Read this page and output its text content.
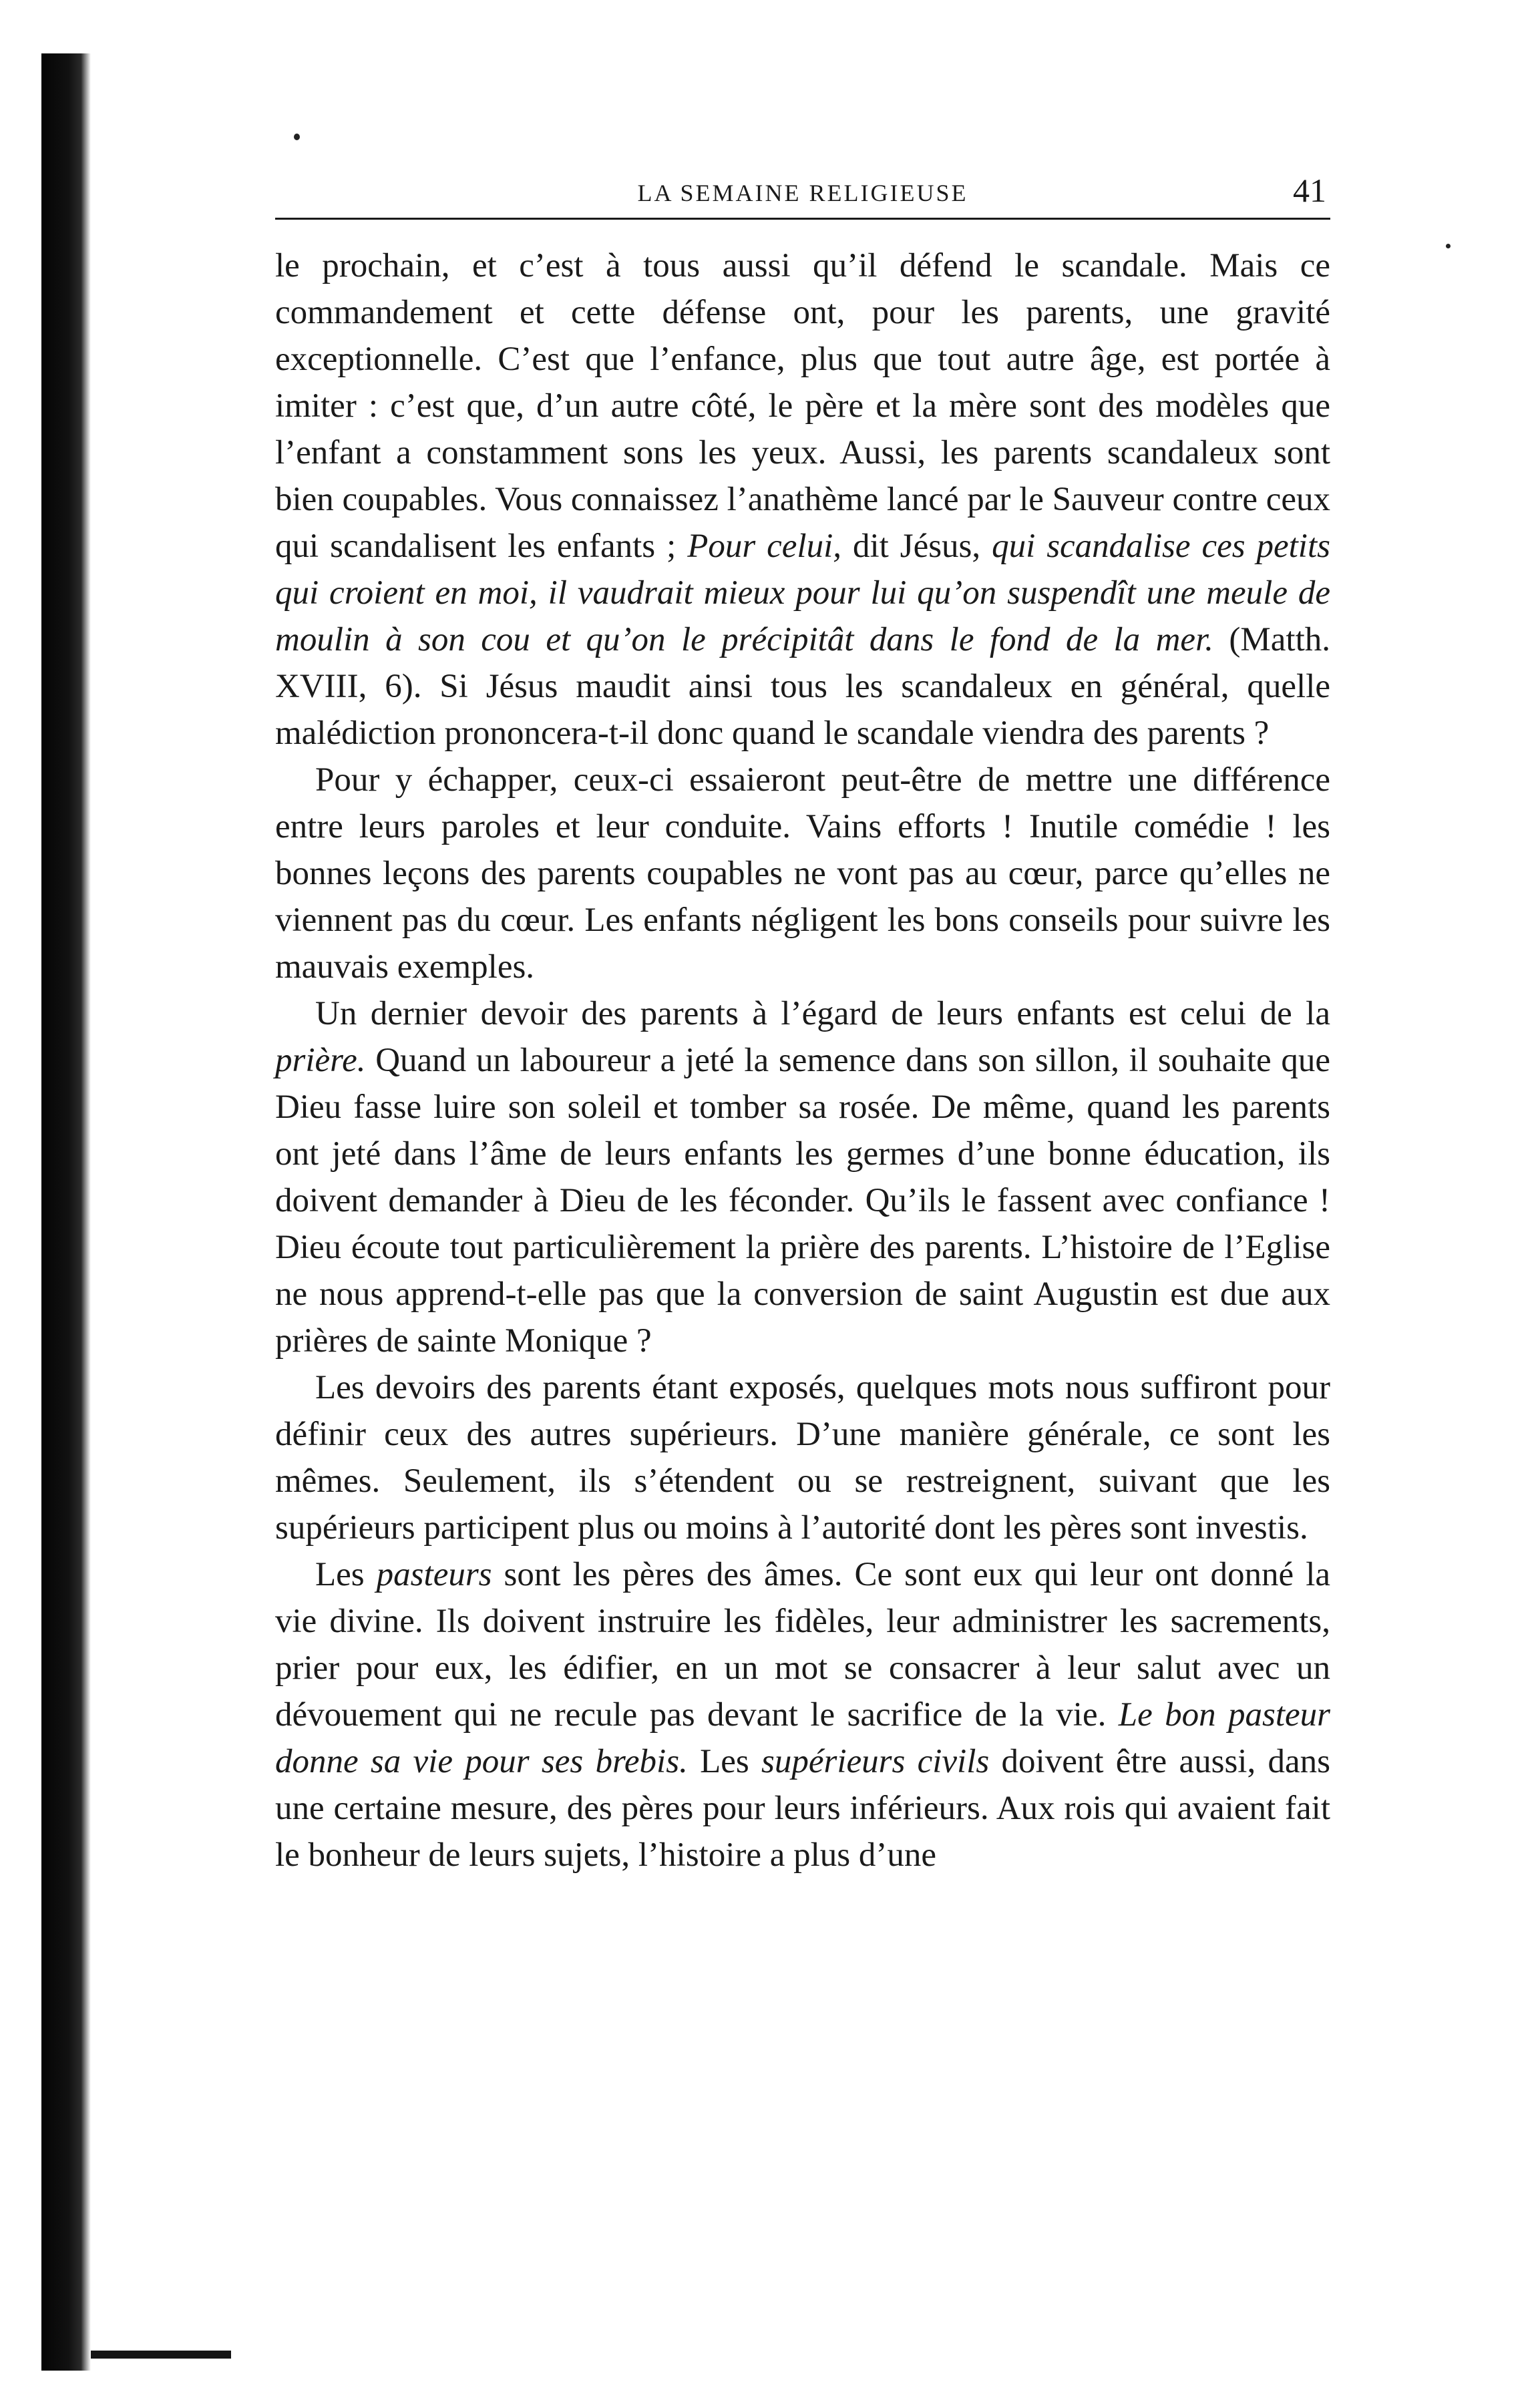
LA SEMAINE RELIGIEUSE	41

le prochain, et c’est à tous aussi qu’il défend le scandale. Mais ce commandement et cette défense ont, pour les parents, une gravité exceptionnelle. C’est que l’enfance, plus que tout autre âge, est portée à imiter : c’est que, d’un autre côté, le père et la mère sont des modèles que l’enfant a constamment sons les yeux. Aussi, les parents scandaleux sont bien coupables. Vous connaissez l’anathème lancé par le Sauveur contre ceux qui scandalisent les enfants ; Pour celui, dit Jésus, qui scandalise ces petits qui croient en moi, il vaudrait mieux pour lui qu’on suspendît une meule de moulin à son cou et qu’on le précipitât dans le fond de la mer. (Matth. XVIII, 6). Si Jésus maudit ainsi tous les scandaleux en général, quelle malédiction prononcera-t-il donc quand le scandale viendra des parents ?

Pour y échapper, ceux-ci essaieront peut-être de mettre une différence entre leurs paroles et leur conduite. Vains efforts ! Inutile comédie ! les bonnes leçons des parents coupables ne vont pas au cœur, parce qu’elles ne viennent pas du cœur. Les enfants négligent les bons conseils pour suivre les mauvais exemples.

Un dernier devoir des parents à l’égard de leurs enfants est celui de la prière. Quand un laboureur a jeté la semence dans son sillon, il souhaite que Dieu fasse luire son soleil et tomber sa rosée. De même, quand les parents ont jeté dans l’âme de leurs enfants les germes d’une bonne éducation, ils doivent demander à Dieu de les féconder. Qu’ils le fassent avec confiance ! Dieu écoute tout particulièrement la prière des parents. L’histoire de l’Eglise ne nous apprend-t-elle pas que la conversion de saint Augustin est due aux prières de sainte Monique ?

Les devoirs des parents étant exposés, quelques mots nous suffiront pour définir ceux des autres supérieurs. D’une manière générale, ce sont les mêmes. Seulement, ils s’étendent ou se restreignent, suivant que les supérieurs participent plus ou moins à l’autorité dont les pères sont investis.

Les pasteurs sont les pères des âmes. Ce sont eux qui leur ont donné la vie divine. Ils doivent instruire les fidèles, leur administrer les sacrements, prier pour eux, les édifier, en un mot se consacrer à leur salut avec un dévouement qui ne recule pas devant le sacrifice de la vie. Le bon pasteur donne sa vie pour ses brebis. Les supérieurs civils doivent être aussi, dans une certaine mesure, des pères pour leurs inférieurs. Aux rois qui avaient fait le bonheur de leurs sujets, l’histoire a plus d’une
